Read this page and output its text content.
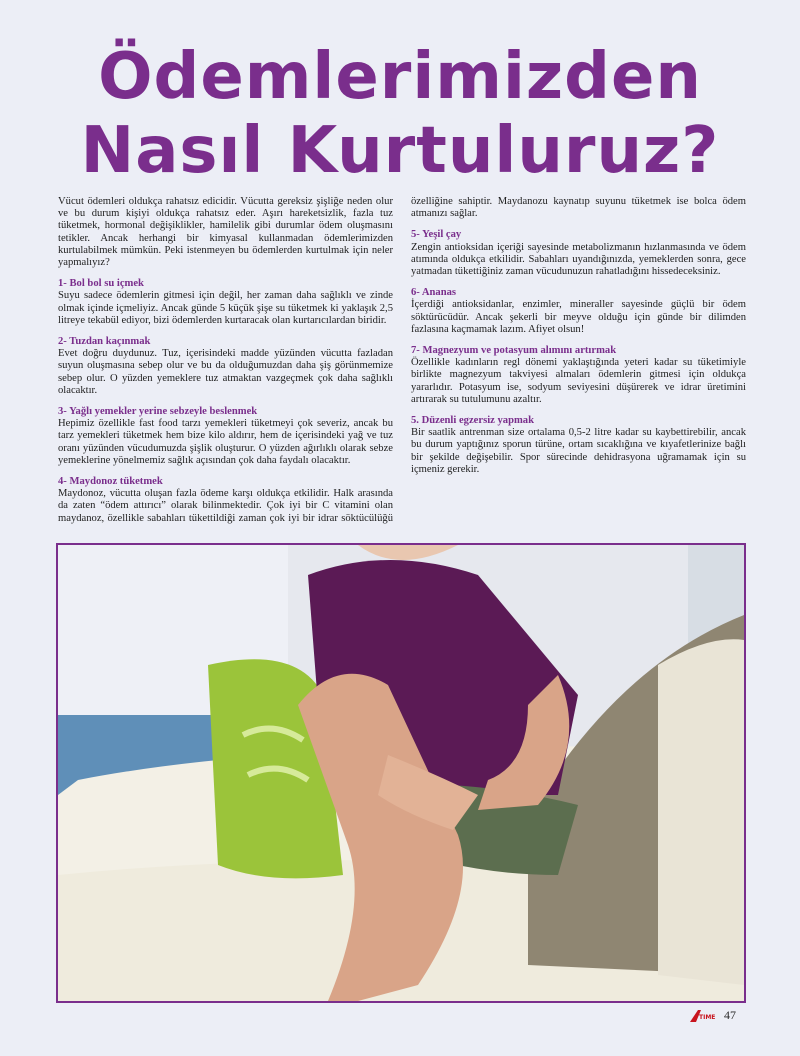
Ödemlerimizden
Nasıl Kurtuluruz?

Vücut ödemleri oldukça rahatsız edicidir. Vücutta gereksiz şişliğe neden olur ve bu durum kişiyi oldukça rahatsız eder. Aşırı hareketsizlik, fazla tuz tüketmek, hormonal değişiklikler, hamilelik gibi durumlar ödem oluşmasını tetikler. Ancak herhangi bir kimyasal kullanmadan ödemlerimizden kurtulabilmek mümkün. Peki istenmeyen bu ödemlerden kurtulmak için neler yapmalıyız?

1- Bol bol su içmek

Suyu sadece ödemlerin gitmesi için değil, her zaman daha sağlıklı ve zinde olmak içinde içmeliyiz. Ancak günde 5 küçük şişe su tüketmek ki yaklaşık 2,5 litreye tekabül ediyor, bizi ödemlerden kurtaracak olan kurtarıcılardan biridir.

2- Tuzdan kaçınmak

Evet doğru duydunuz. Tuz, içerisindeki madde yüzünden vücutta fazladan suyun oluşmasına sebep olur ve bu da olduğumuzdan daha şiş görünmemize sebep olur. O yüzden yemeklere tuz atmaktan vazgeçmek çok daha sağlıklı olacaktır.

3- Yağlı yemekler yerine sebzeyle beslenmek

Hepimiz özellikle fast food tarzı yemekleri tüketmeyi çok severiz, ancak bu tarz yemekleri tüketmek hem bize kilo aldırır, hem de içerisindeki yağ ve tuz oranı yüzünden vücudumuzda şişlik oluşturur. O yüzden ağırlıklı olarak sebze yemeklerine yönelmemiz sağlık açısından çok daha faydalı olacaktır.

4- Maydonoz tüketmek

Maydonoz, vücutta oluşan fazla ödeme karşı oldukça etkilidir. Halk arasında da zaten “ödem attırıcı” olarak bilinmektedir. Çok iyi bir C vitamini olan maydanoz, özellikle sabahları tükettildiği zaman çok iyi bir idrar söktücülüğü özelliğine sahiptir. Maydanozu kaynatıp suyunu tüketmek ise bolca ödem atmanızı sağlar.

5- Yeşil çay

Zengin antioksidan içeriği sayesinde metabolizmanın hızlanmasında ve ödem atımında oldukça etkilidir. Sabahları uyandığınızda, yemeklerden sonra, gece yatmadan tükettiğiniz zaman vücudunuzun rahatladığını hissedeceksiniz.

6- Ananas

İçerdiği antioksidanlar, enzimler, mineraller sayesinde güçlü bir ödem söktürücüdür. Ancak şekerli bir meyve olduğu için günde bir dilimden fazlasına kaçmamak lazım. Afiyet olsun!

7- Magnezyum ve potasyum alımını artırmak

Özellikle kadınların regl dönemi yaklaştığında yeteri kadar su tüketimiyle birlikte magnezyum takviyesi almaları ödemlerin gitmesi için oldukça yararlıdır. Potasyum ise, sodyum seviyesini düşürerek ve idrar üretimini artırarak su tutulumunu azaltır.

5. Düzenli egzersiz yapmak

Bir saatlik antrenman size ortalama 0,5-2 litre kadar su kaybettirebilir, ancak bu durum yaptığınız sporun türüne, ortam sıcaklığına ve kıyafetlerinize bağlı bir şekilde değişebilir. Spor sürecinde dehidrasyona uğramamak için su içmeniz gerekir.

TIME 47
